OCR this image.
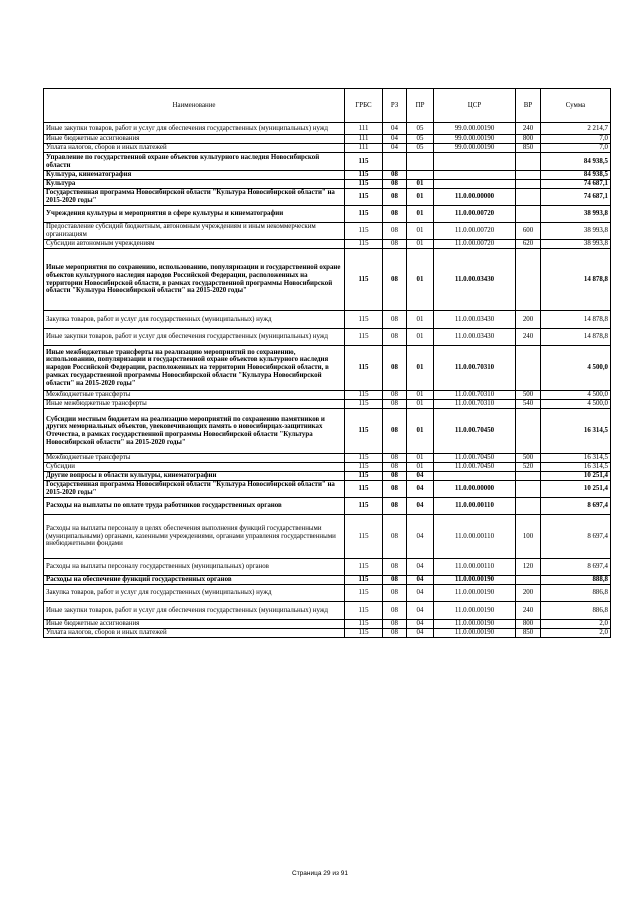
Наименование	ГРБС	РЗ	ПР	ЦСР	ВР	Сумма
Иные закупки товаров, работ и услуг для обеспечения государственных (муниципальных) нужд	111	04	05	99.0.00.00190	240	2 214,7
Иные бюджетные ассигнования	111	04	05	99.0.00.00190	800	7,0
Уплата налогов, сборов и иных платежей	111	04	05	99.0.00.00190	850	7,0
Управление по государственной охране объектов культурного наследия Новосибирской области	115					84 938,5
Культура, кинематография	115	08				84 938,5
Культура	115	08	01			74 687,1
Государственная программа Новосибирской области "Культура Новосибирской области" на 2015-2020 годы"	115	08	01	11.0.00.00000		74 687,1
Учреждения культуры и мероприятия в сфере культуры и кинематографии	115	08	01	11.0.00.00720		38 993,8
Предоставление субсидий бюджетным, автономным учреждениям и иным некоммерческим организациям	115	08	01	11.0.00.00720	600	38 993,8
Субсидии автономным учреждениям	115	08	01	11.0.00.00720	620	38 993,8
Иные мероприятия по сохранению, использованию, популяризации и государственной охране объектов культурного наследия народов Российской Федерации, расположенных на территории Новосибирской области, в рамках государственной программы Новосибирской области "Культура Новосибирской области" на 2015-2020 годы"	115	08	01	11.0.00.03430		14 878,8
Закупка товаров, работ и услуг для государственных (муниципальных) нужд	115	08	01	11.0.00.03430	200	14 878,8
Иные закупки товаров, работ и услуг для обеспечения государственных (муниципальных) нужд	115	08	01	11.0.00.03430	240	14 878,8
Иные межбюджетные трансферты на реализацию мероприятий по сохранению, использованию, популяризации и государственной охране объектов культурного наследия народов Российской Федерации, расположенных на территории Новосибирской области, в рамках государственной программы Новосибирской области "Культура Новосибирской области" на 2015-2020 годы"	115	08	01	11.0.00.70310		4 500,0
Межбюджетные трансферты	115	08	01	11.0.00.70310	500	4 500,0
Иные межбюджетные трансферты	115	08	01	11.0.00.70310	540	4 500,0
Субсидии местным бюджетам на реализацию мероприятий по сохранению памятников и других мемориальных объектов, увековечивающих память о новосибирцах-защитниках Отечества, в рамках государственной программы Новосибирской области "Культура Новосибирской области" на 2015-2020 годы"	115	08	01	11.0.00.70450		16 314,5
Межбюджетные трансферты	115	08	01	11.0.00.70450	500	16 314,5
Субсидии	115	08	01	11.0.00.70450	520	16 314,5
Другие вопросы в области культуры, кинематографии	115	08	04			10 251,4
Государственная программа Новосибирской области "Культура Новосибирской области" на 2015-2020 годы"	115	08	04	11.0.00.00000		10 251,4
Расходы на выплаты по оплате труда работников государственных органов	115	08	04	11.0.00.00110		8 697,4
Расходы на выплаты персоналу в целях обеспечения выполнения функций государственными (муниципальными) органами, казенными учреждениями, органами управления государственными внебюджетными фондами	115	08	04	11.0.00.00110	100	8 697,4
Расходы на выплаты персоналу государственных (муниципальных) органов	115	08	04	11.0.00.00110	120	8 697,4
Расходы на обеспечение функций государственных органов	115	08	04	11.0.00.00190		888,8
Закупка товаров, работ и услуг для государственных (муниципальных) нужд	115	08	04	11.0.00.00190	200	886,8
Иные закупки товаров, работ и услуг для обеспечения государственных (муниципальных) нужд	115	08	04	11.0.00.00190	240	886,8
Иные бюджетные ассигнования	115	08	04	11.0.00.00190	800	2,0
Уплата налогов, сборов и иных платежей	115	08	04	11.0.00.00190	850	2,0
Страница 29 из 91
